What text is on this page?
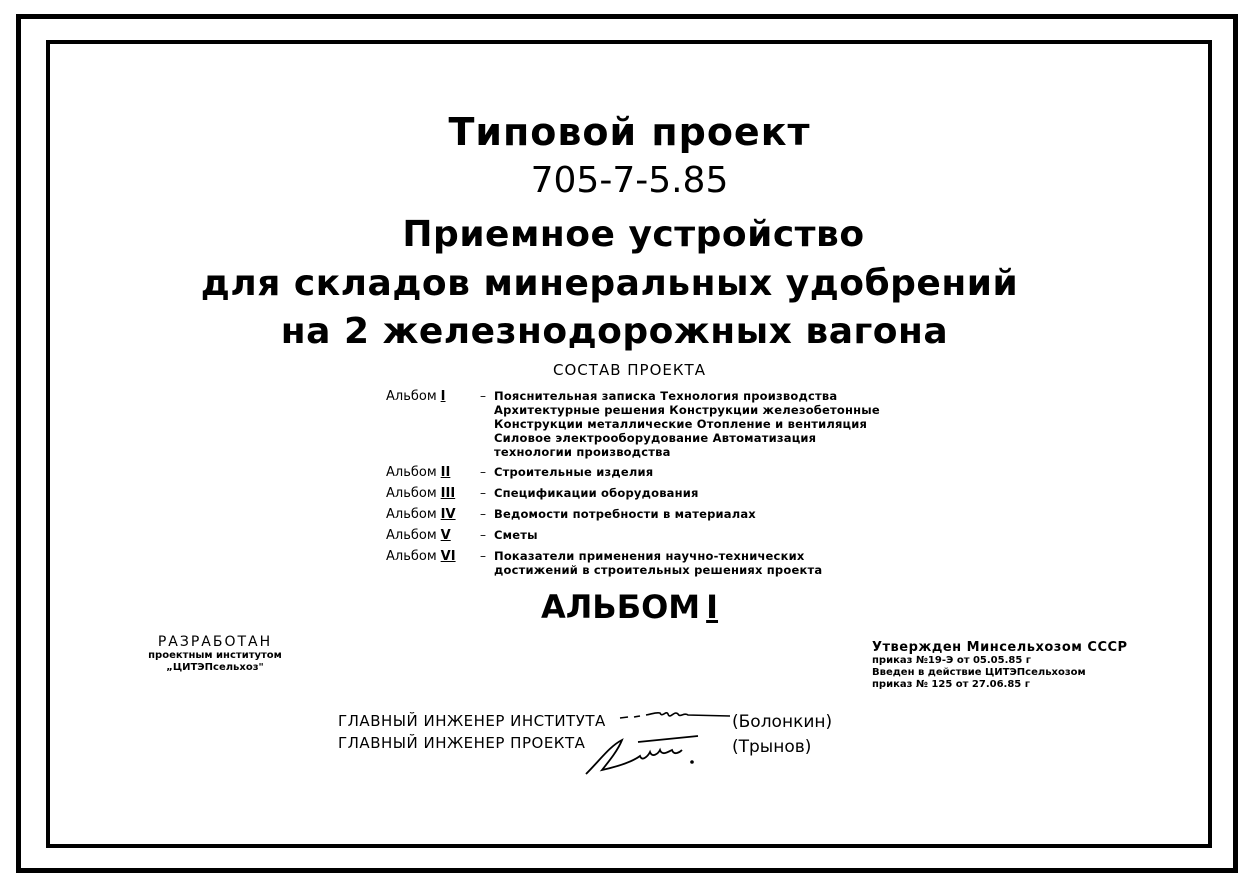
Типовой проект
705-7-5.85
Приемное устройство
для складов минеральных удобрений
на 2 железнодорожных вагона
СОСТАВ ПРОЕКТА
Альбом I	– Пояснительная записка Технология производства
Архитектурные решения Конструкции железобетонные
Конструкции металлические Отопление и вентиляция
Силовое электрооборудование Автоматизация
технологии производства
Альбом II	– Строительные изделия
Альбом III	– Спецификации оборудования
Альбом IV	– Ведомости потребности в материалах
Альбом V	– Сметы
Альбом VI	– Показатели применения научно-технических
достижений в строительных решениях проекта
АЛЬБОМ I
РАЗРАБОТАН
проектным институтом
„ЦИТЭПсельхоз"
Утвержден Минсельхозом СССР
приказ №19-Э от 05.05.85 г
Введен в действие ЦИТЭПсельхозом
приказ № 125 от 27.06.85 г
ГЛАВНЫЙ ИНЖЕНЕР ИНСТИТУТА
ГЛАВНЫЙ ИНЖЕНЕР ПРОЕКТА
(Болонкин)
(Трынов)
